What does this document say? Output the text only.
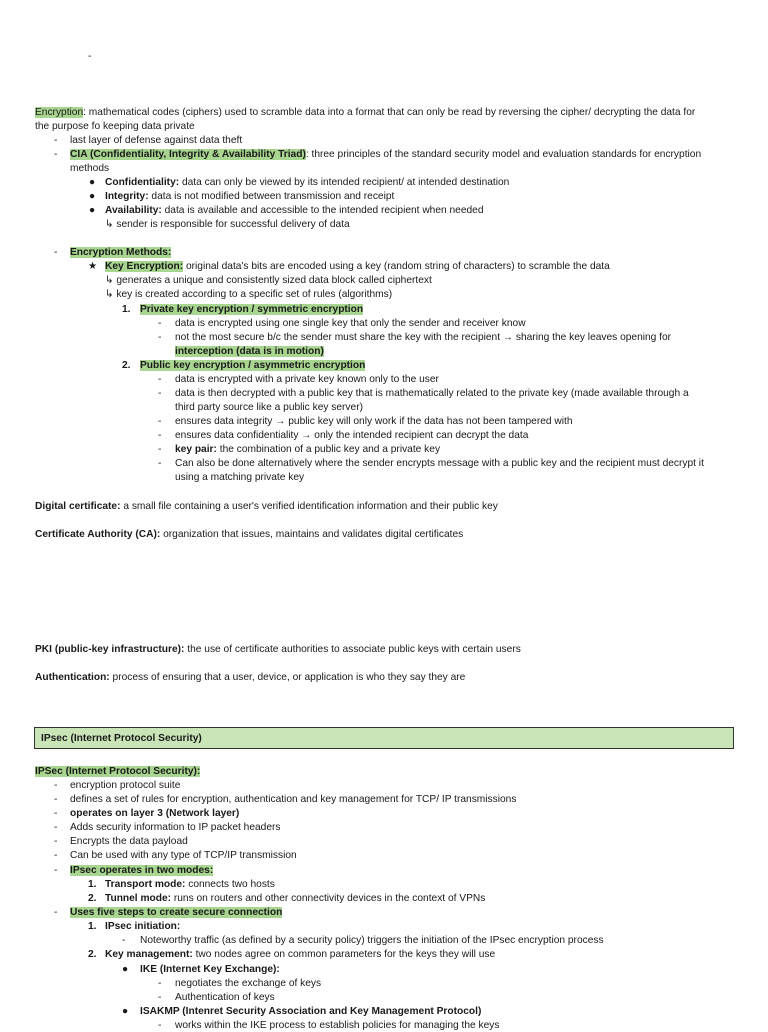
-
Encryption: mathematical codes (ciphers) used to scramble data into a format that can only be read by reversing the cipher/ decrypting the data for
the purpose fo keeping data private
- last layer of defense against data theft
- CIA (Confidentiality, Integrity & Availability Triad): three principles of the standard security model and evaluation standards for encryption
methods
● Confidentiality: data can only be viewed by its intended recipient/ at intended destination
● Integrity: data is not modified between transmission and receipt
● Availability: data is available and accessible to the intended recipient when needed
↳ sender is responsible for successful delivery of data
- Encryption Methods:
★ Key Encryption: original data's bits are encoded using a key (random string of characters) to scramble the data
↳ generates a unique and consistently sized data block called ciphertext
↳ key is created according to a specific set of rules (algorithms)
1. Private key encryption / symmetric encryption
- data is encrypted using one single key that only the sender and receiver know
- not the most secure b/c the sender must share the key with the recipient → sharing the key leaves opening for
interception (data is in motion)
2. Public key encryption / asymmetric encryption
- data is encrypted with a private key known only to the user
- data is then decrypted with a public key that is mathematically related to the private key (made available through a
third party source like a public key server)
- ensures data integrity → public key will only work if the data has not been tampered with
- ensures data confidentiality → only the intended recipient can decrypt the data
- key pair: the combination of a public key and a private key
- Can also be done alternatively where the sender encrypts message with a public key and the recipient must decrypt it
using a matching private key
Digital certificate: a small file containing a user's verified identification information and their public key
Certificate Authority (CA): organization that issues, maintains and validates digital certificates
PKI (public-key infrastructure): the use of certificate authorities to associate public keys with certain users
Authentication: process of ensuring that a user, device, or application is who they say they are
IPsec (Internet Protocol Security)
IPSec (Internet Protocol Security):
- encryption protocol suite
- defines a set of rules for encryption, authentication and key management for TCP/ IP transmissions
- operates on layer 3 (Network layer)
- Adds security information to IP packet headers
- Encrypts the data payload
- Can be used with any type of TCP/IP transmission
- IPsec operates in two modes:
1. Transport mode: connects two hosts
2. Tunnel mode: runs on routers and other connectivity devices in the context of VPNs
- Uses five steps to create secure connection
1. IPsec initiation:
- Noteworthy traffic (as defined by a security policy) triggers the initiation of the IPsec encryption process
2. Key management: two nodes agree on common parameters for the keys they will use
● IKE (Internet Key Exchange):
- negotiates the exchange of keys
- Authentication of keys
● ISAKMP (Intenret Security Association and Key Management Protocol)
- works within the IKE process to establish policies for managing the keys
